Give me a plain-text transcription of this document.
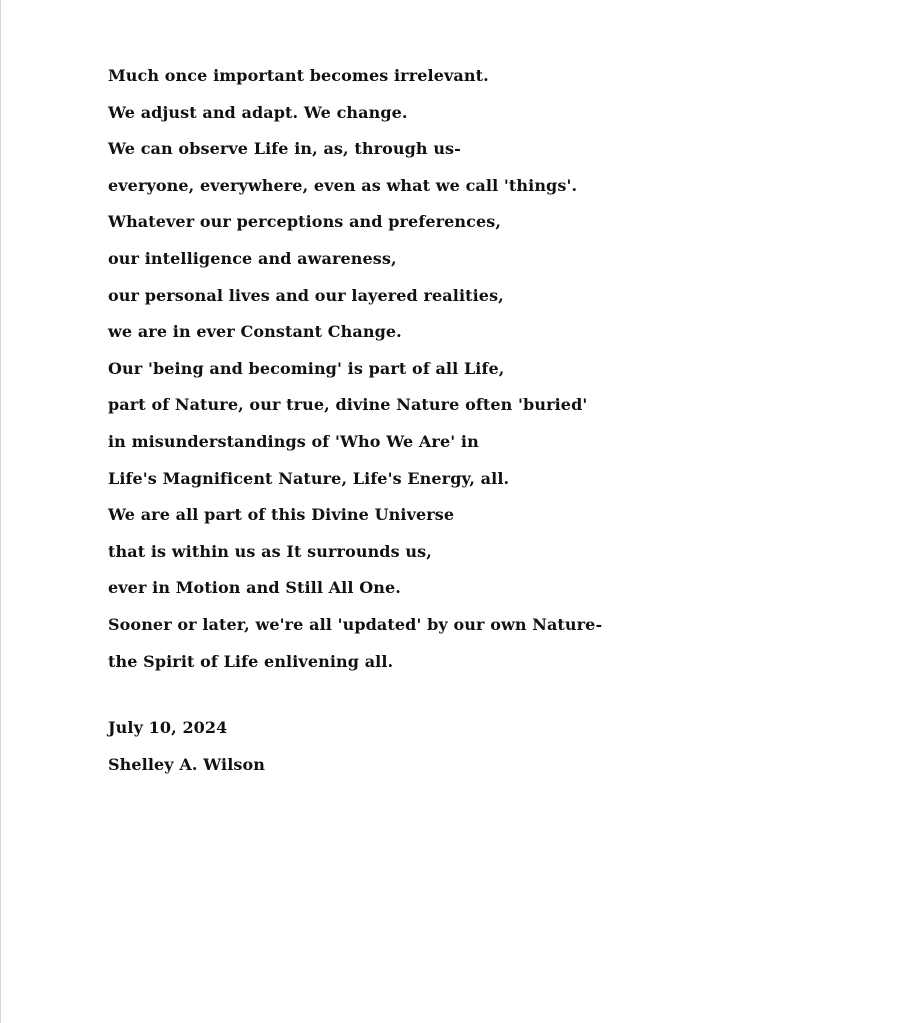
Much once important becomes irrelevant.
We adjust and adapt. We change.
We can observe Life in, as, through us-
everyone, everywhere, even as what we call 'things'.
Whatever our perceptions and preferences,
our intelligence and awareness,
our personal lives and our layered realities,
we are in ever Constant Change.
Our 'being and becoming' is part of all Life,
part of Nature, our true, divine Nature often 'buried'
in misunderstandings of 'Who We Are' in
Life's Magnificent Nature, Life's Energy, all.
We are all part of this Divine Universe
that is within us as It surrounds us,
ever in Motion and Still All One.
Sooner or later, we're all 'updated' by our own Nature-
the Spirit of Life enlivening all.
July 10, 2024
Shelley A. Wilson
